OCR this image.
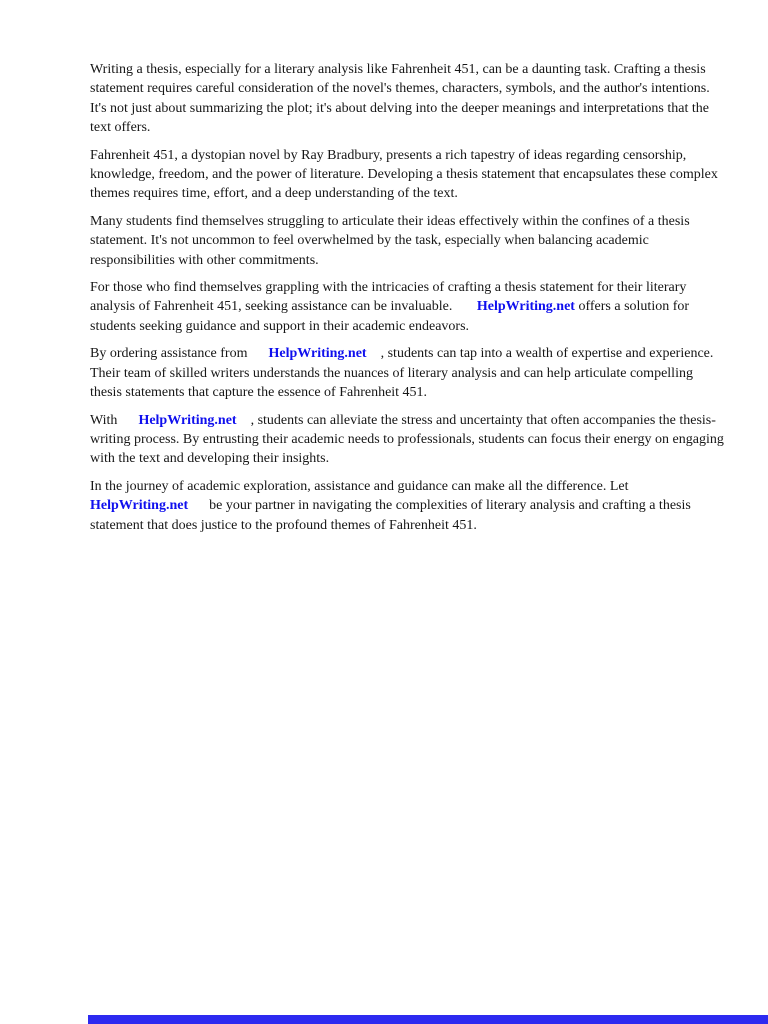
Writing a thesis, especially for a literary analysis like Fahrenheit 451, can be a daunting task. Crafting a thesis statement requires careful consideration of the novel's themes, characters, symbols, and the author's intentions. It's not just about summarizing the plot; it's about delving into the deeper meanings and interpretations that the text offers.

Fahrenheit 451, a dystopian novel by Ray Bradbury, presents a rich tapestry of ideas regarding censorship, knowledge, freedom, and the power of literature. Developing a thesis statement that encapsulates these complex themes requires time, effort, and a deep understanding of the text.

Many students find themselves struggling to articulate their ideas effectively within the confines of a thesis statement. It's not uncommon to feel overwhelmed by the task, especially when balancing academic responsibilities with other commitments.

For those who find themselves grappling with the intricacies of crafting a thesis statement for their literary analysis of Fahrenheit 451, seeking assistance can be invaluable.       HelpWriting.net offers a solution for students seeking guidance and support in their academic endeavors.

By ordering assistance from      HelpWriting.net    , students can tap into a wealth of expertise and experience. Their team of skilled writers understands the nuances of literary analysis and can help articulate compelling thesis statements that capture the essence of Fahrenheit 451.

With      HelpWriting.net    , students can alleviate the stress and uncertainty that often accompanies the thesis-writing process. By entrusting their academic needs to professionals, students can focus their energy on engaging with the text and developing their insights.

In the journey of academic exploration, assistance and guidance can make all the difference. Let HelpWriting.net      be your partner in navigating the complexities of literary analysis and crafting a thesis statement that does justice to the profound themes of Fahrenheit 451.
